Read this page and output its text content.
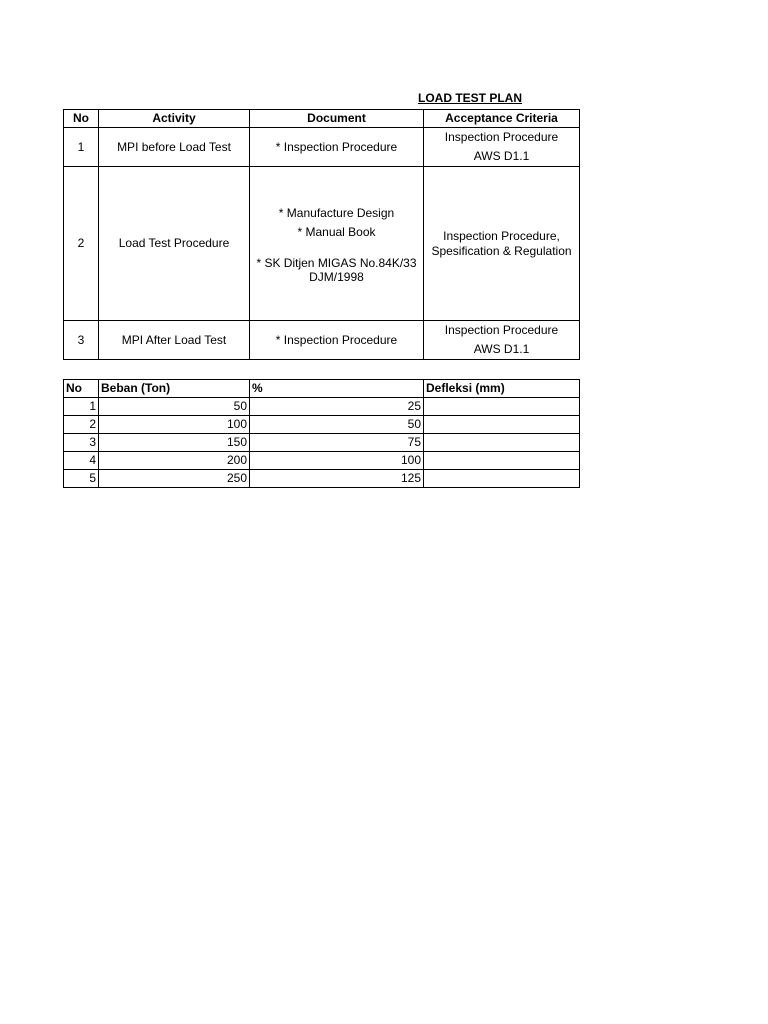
LOAD TEST PLAN
No	Activity	Document	Acceptance Criteria
1	MPI before Load Test	* Inspection Procedure	Inspection Procedure
AWS D1.1

2	Load Test Procedure	* Manufacture Design
* Manual Book
* SK Ditjen MIGAS No.84K/33
DJM/1998	Inspection Procedure,
Spesification & Regulation

3	MPI After Load Test	* Inspection Procedure	Inspection Procedure
AWS D1.1
No	Beban (Ton)	%	Defleksi (mm)
1	50	25	
2	100	50	
3	150	75	
4	200	100	
5	250	125	
